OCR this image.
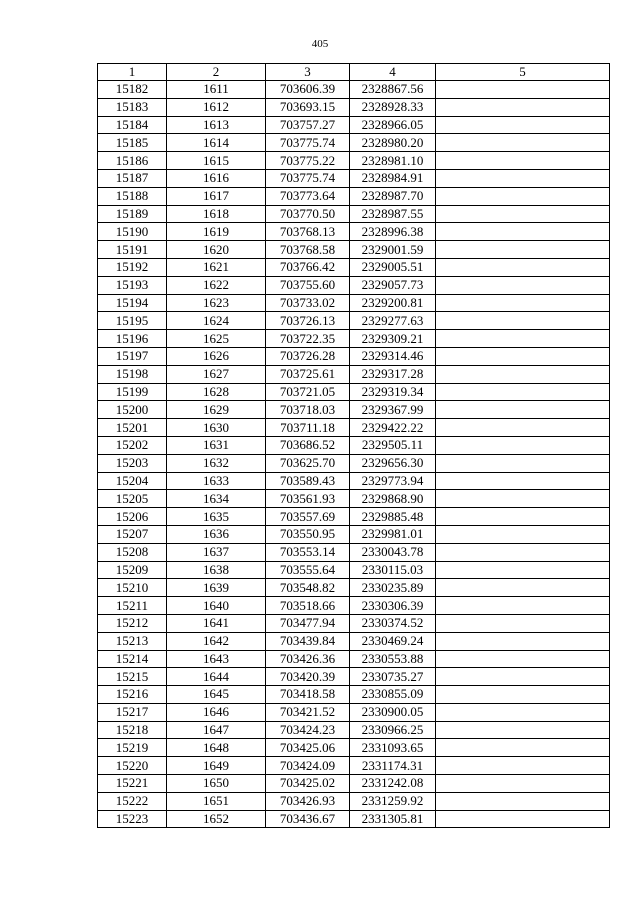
405
1	2	3	4	5
15182	1611	703606.39	2328867.56	
15183	1612	703693.15	2328928.33	
15184	1613	703757.27	2328966.05	
15185	1614	703775.74	2328980.20	
15186	1615	703775.22	2328981.10	
15187	1616	703775.74	2328984.91	
15188	1617	703773.64	2328987.70	
15189	1618	703770.50	2328987.55	
15190	1619	703768.13	2328996.38	
15191	1620	703768.58	2329001.59	
15192	1621	703766.42	2329005.51	
15193	1622	703755.60	2329057.73	
15194	1623	703733.02	2329200.81	
15195	1624	703726.13	2329277.63	
15196	1625	703722.35	2329309.21	
15197	1626	703726.28	2329314.46	
15198	1627	703725.61	2329317.28	
15199	1628	703721.05	2329319.34	
15200	1629	703718.03	2329367.99	
15201	1630	703711.18	2329422.22	
15202	1631	703686.52	2329505.11	
15203	1632	703625.70	2329656.30	
15204	1633	703589.43	2329773.94	
15205	1634	703561.93	2329868.90	
15206	1635	703557.69	2329885.48	
15207	1636	703550.95	2329981.01	
15208	1637	703553.14	2330043.78	
15209	1638	703555.64	2330115.03	
15210	1639	703548.82	2330235.89	
15211	1640	703518.66	2330306.39	
15212	1641	703477.94	2330374.52	
15213	1642	703439.84	2330469.24	
15214	1643	703426.36	2330553.88	
15215	1644	703420.39	2330735.27	
15216	1645	703418.58	2330855.09	
15217	1646	703421.52	2330900.05	
15218	1647	703424.23	2330966.25	
15219	1648	703425.06	2331093.65	
15220	1649	703424.09	2331174.31	
15221	1650	703425.02	2331242.08	
15222	1651	703426.93	2331259.92	
15223	1652	703436.67	2331305.81	
